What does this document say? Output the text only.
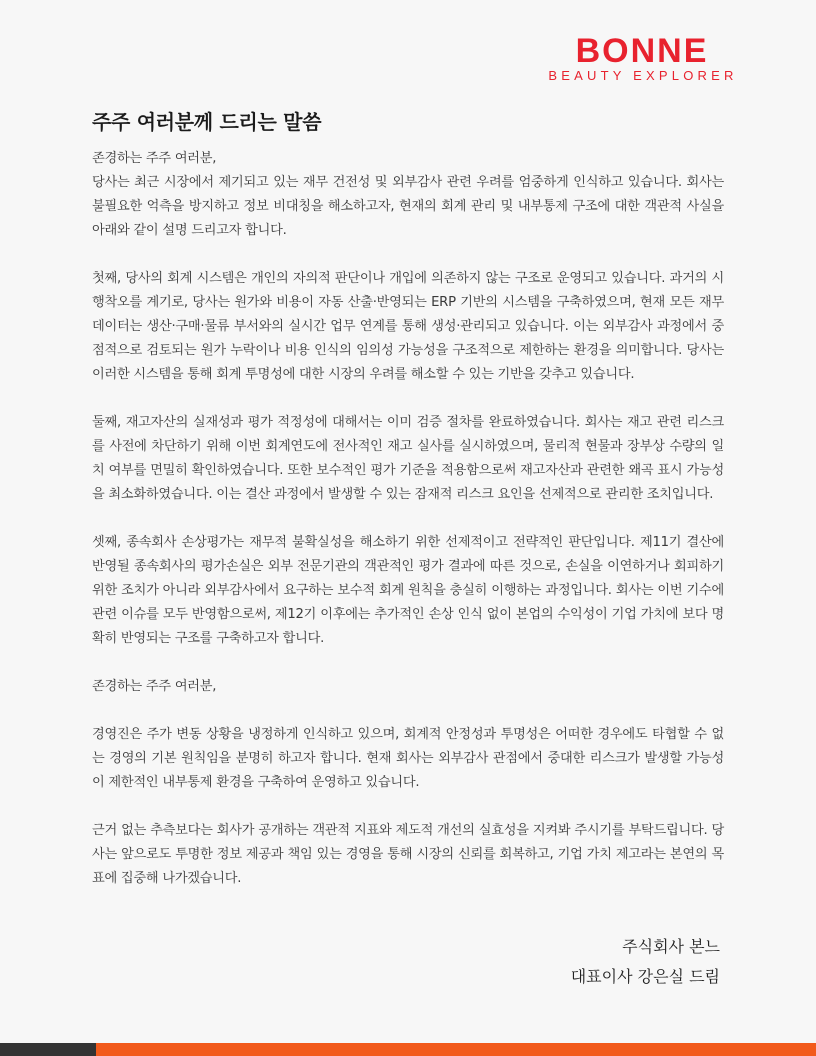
BONNE
BEAUTY EXPLORER
주주 여러분께 드리는 말씀

존경하는 주주 여러분,

당사는 최근 시장에서 제기되고 있는 재무 건전성 및 외부감사 관련 우려를 엄중하게 인식하고 있습니다. 회사는 불필요한 억측을 방지하고 정보 비대칭을 해소하고자, 현재의 회계 관리 및 내부통제 구조에 대한 객관적 사실을 아래와 같이 설명 드리고자 합니다.

첫째, 당사의 회계 시스템은 개인의 자의적 판단이나 개입에 의존하지 않는 구조로 운영되고 있습니다. 과거의 시행착오를 계기로, 당사는 원가와 비용이 자동 산출·반영되는 ERP 기반의 시스템을 구축하였으며, 현재 모든 재무 데이터는 생산·구매·물류 부서와의 실시간 업무 연계를 통해 생성·관리되고 있습니다. 이는 외부감사 과정에서 중점적으로 검토되는 원가 누락이나 비용 인식의 임의성 가능성을 구조적으로 제한하는 환경을 의미합니다. 당사는 이러한 시스템을 통해 회계 투명성에 대한 시장의 우려를 해소할 수 있는 기반을 갖추고 있습니다.

둘째, 재고자산의 실재성과 평가 적정성에 대해서는 이미 검증 절차를 완료하였습니다. 회사는 재고 관련 리스크를 사전에 차단하기 위해 이번 회계연도에 전사적인 재고 실사를 실시하였으며, 물리적 현물과 장부상 수량의 일치 여부를 면밀히 확인하였습니다. 또한 보수적인 평가 기준을 적용함으로써 재고자산과 관련한 왜곡 표시 가능성을 최소화하였습니다. 이는 결산 과정에서 발생할 수 있는 잠재적 리스크 요인을 선제적으로 관리한 조치입니다.

셋째, 종속회사 손상평가는 재무적 불확실성을 해소하기 위한 선제적이고 전략적인 판단입니다. 제11기 결산에 반영될 종속회사의 평가손실은 외부 전문기관의 객관적인 평가 결과에 따른 것으로, 손실을 이연하거나 회피하기 위한 조치가 아니라 외부감사에서 요구하는 보수적 회계 원칙을 충실히 이행하는 과정입니다. 회사는 이번 기수에 관련 이슈를 모두 반영함으로써, 제12기 이후에는 추가적인 손상 인식 없이 본업의 수익성이 기업 가치에 보다 명확히 반영되는 구조를 구축하고자 합니다.

존경하는 주주 여러분,

경영진은 주가 변동 상황을 냉정하게 인식하고 있으며, 회계적 안정성과 투명성은 어떠한 경우에도 타협할 수 없는 경영의 기본 원칙임을 분명히 하고자 합니다. 현재 회사는 외부감사 관점에서 중대한 리스크가 발생할 가능성이 제한적인 내부통제 환경을 구축하여 운영하고 있습니다.

근거 없는 추측보다는 회사가 공개하는 객관적 지표와 제도적 개선의 실효성을 지켜봐 주시기를 부탁드립니다. 당사는 앞으로도 투명한 정보 제공과 책임 있는 경영을 통해 시장의 신뢰를 회복하고, 기업 가치 제고라는 본연의 목표에 집중해 나가겠습니다.

주식회사 본느
대표이사 강은실 드림
